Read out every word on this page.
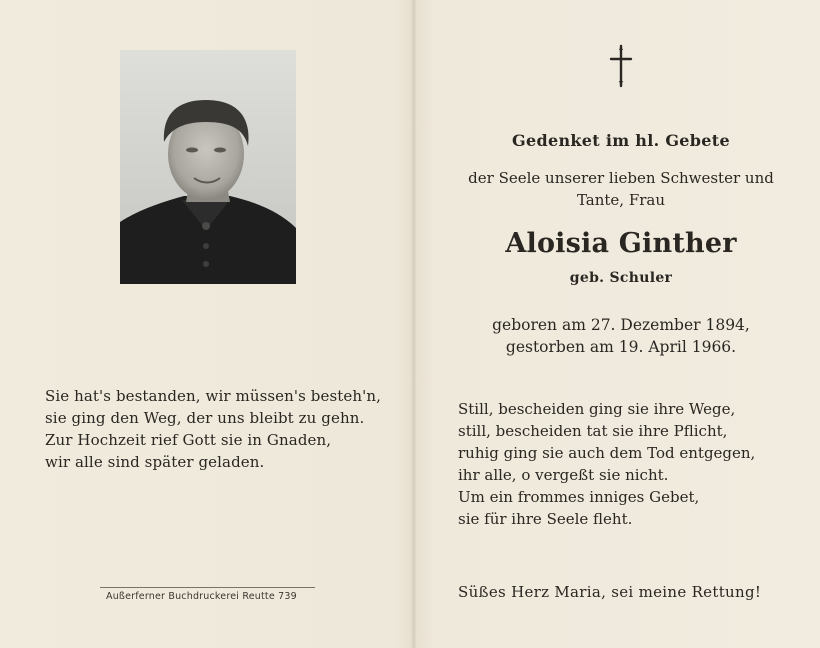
Sie hat's bestanden, wir müssen's besteh'n,
sie ging den Weg, der uns bleibt zu gehn.
Zur Hochzeit rief Gott sie in Gnaden,
wir alle sind später geladen.
Außerferner Buchdruckerei Reutte 739
Gedenket im hl. Gebete
der Seele unserer lieben Schwester und
Tante, Frau
Aloisia Ginther
geb. Schuler
geboren am 27. Dezember 1894,
gestorben am 19. April 1966.
Still, bescheiden ging sie ihre Wege,
still, bescheiden tat sie ihre Pflicht,
ruhig ging sie auch dem Tod entgegen,
ihr alle, o vergeßt sie nicht.
Um ein frommes inniges Gebet,
sie für ihre Seele fleht.
Süßes Herz Maria, sei meine Rettung!
